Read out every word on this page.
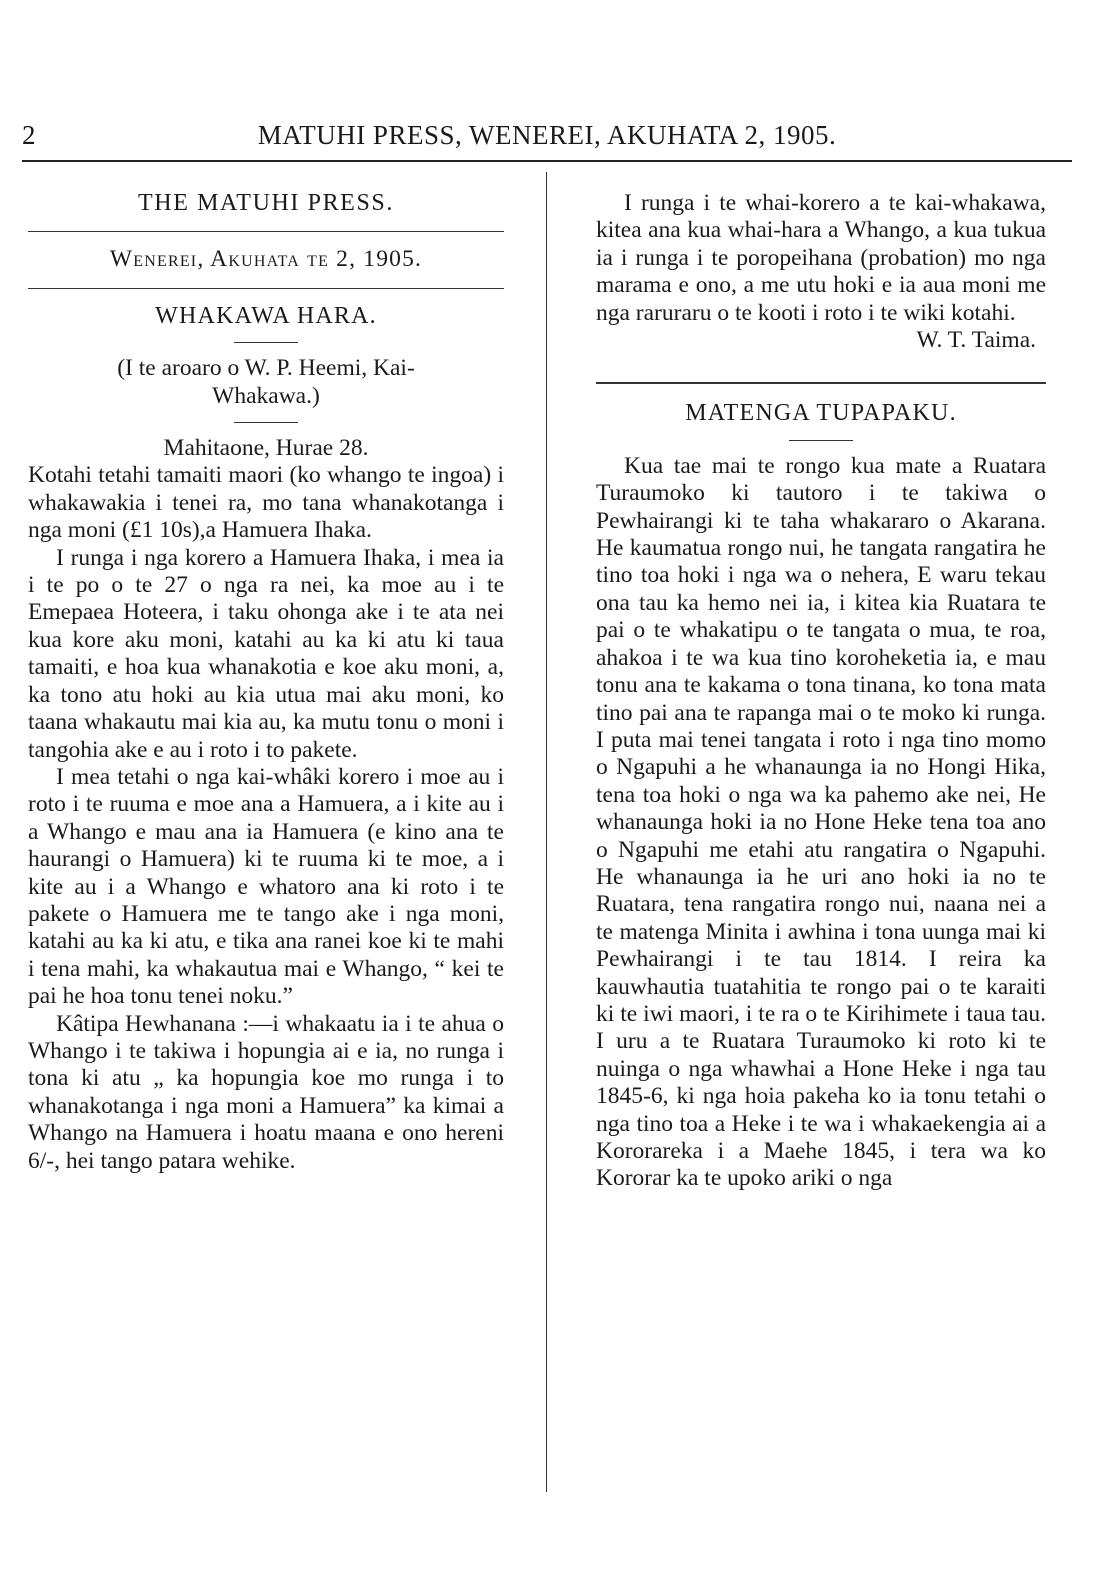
2	MATUHI PRESS, WENEREI, AKUHATA 2, 1905.
THE MATUHI PRESS.
Wenerei, Akuhata te 2, 1905.
WHAKAWA HARA.
(I te aroaro o W. P. Heemi, Kai-
Whakawa.)
Mahitaone, Hurae 28.

Kotahi tetahi tamaiti maori (ko whango te ingoa) i whakawakia i tenei ra, mo tana whanakotanga i nga moni (£1 10s),a Hamuera Ihaka.

I runga i nga korero a Hamuera Ihaka, i mea ia i te po o te 27 o nga ra nei, ka moe au i te Emepaea Hoteera, i taku ohonga ake i te ata nei kua kore aku moni, katahi au ka ki atu ki taua tamaiti, e hoa kua whanakotia e koe aku moni, a, ka tono atu hoki au kia utua mai aku moni, ko taana whakautu mai kia au, ka mutu tonu o moni i tangohia ake e au i roto i to pakete.

I mea tetahi o nga kai-whâki korero i moe au i roto i te ruuma e moe ana a Hamuera, a i kite au i a Whango e mau ana ia Hamuera (e kino ana te haurangi o Hamuera) ki te ruuma ki te moe, a i kite au i a Whango e whatoro ana ki roto i te pakete o Hamuera me te tango ake i nga moni, katahi au ka ki atu, e tika ana ranei koe ki te mahi i tena mahi, ka whakautua mai e Whango, “ kei te pai he hoa tonu tenei noku.”

Kâtipa Hewhanana :—i whakaatu ia i te ahua o Whango i te takiwa i hopungia ai e ia, no runga i tona ki atu „ ka hopungia koe mo runga i to whanakotanga i nga moni a Hamuera” ka kimai a Whango na Hamuera i hoatu maana e ono hereni 6/-, hei tango patara wehike.

I runga i te whai-korero a te kai-whakawa, kitea ana kua whai-hara a Whango, a kua tukua ia i runga i te poropeihana (probation) mo nga marama e ono, a me utu hoki e ia aua moni me nga raruraru o te kooti i roto i te wiki kotahi.

W. T. Taima.
MATENGA TUPAPAKU.

Kua tae mai te rongo kua mate a Ruatara Turaumoko ki tautoro i te takiwa o Pewhairangi ki te taha whakararo o Akarana. He kaumatua rongo nui, he tangata rangatira he tino toa hoki i nga wa o nehera, E waru tekau ona tau ka hemo nei ia, i kitea kia Ruatara te pai o te whakatipu o te tangata o mua, te roa, ahakoa i te wa kua tino koroheketia ia, e mau tonu ana te kakama o tona tinana, ko tona mata tino pai ana te rapanga mai o te moko ki runga. I puta mai tenei tangata i roto i nga tino momo o Ngapuhi a he whanaunga ia no Hongi Hika, tena toa hoki o nga wa ka pahemo ake nei, He whanaunga hoki ia no Hone Heke tena toa ano o Ngapuhi me etahi atu rangatira o Ngapuhi. He whanaunga ia he uri ano hoki ia no te Ruatara, tena rangatira rongo nui, naana nei a te matenga Minita i awhina i tona uunga mai ki Pewhairangi i te tau 1814. I reira ka kauwhautia tuatahitia te rongo pai o te karaiti ki te iwi maori, i te ra o te Kirihimete i taua tau. I uru a te Ruatara Turaumoko ki roto ki te nuinga o nga whawhai a Hone Heke i nga tau 1845-6, ki nga hoia pakeha ko ia tonu tetahi o nga tino toa a Heke i te wa i whakaekengia ai a Kororareka i a Maehe 1845, i tera wa ko Kororar ka te upoko ariki o nga
